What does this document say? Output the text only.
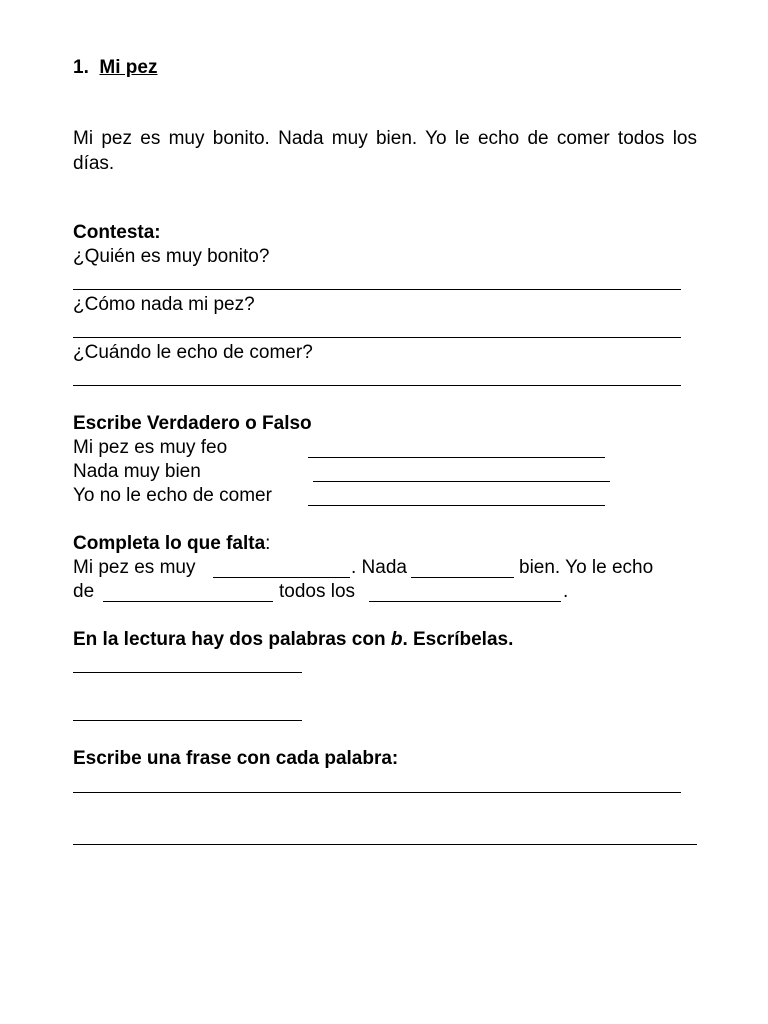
1. Mi pez
Mi pez es muy bonito. Nada muy bien. Yo le echo de comer todos los días.
Contesta:
¿Quién es muy bonito?
¿Cómo nada mi pez?
¿Cuándo le echo de comer?
Escribe Verdadero o Falso
Mi pez es muy feo
Nada muy bien
Yo no le echo de comer
Completa lo que falta:
Mi pez es muy	. Nada	bien. Yo le echo
de	todos los	.
En la lectura hay dos palabras con b. Escríbelas.
Escribe una frase con cada palabra:
